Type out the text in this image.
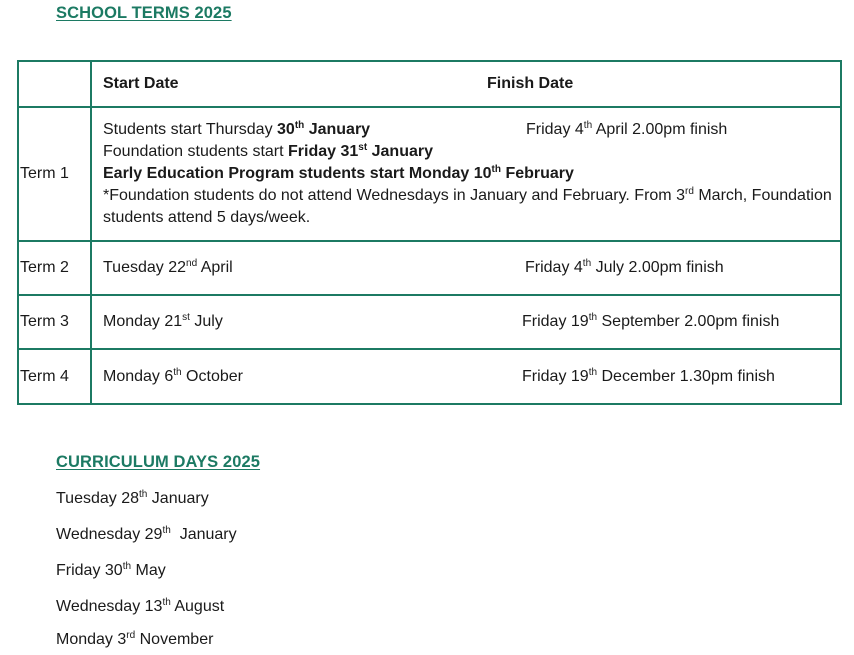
SCHOOL TERMS 2025

	Start Date Finish Date

Term 1	Students start Thursday 30th January Friday 4th April 2.00pm finish
Foundation students start Friday 31st January
Early Education Program students start Monday 10th February
*Foundation students do not attend Wednesdays in January and February. From 3rd March, Foundation students attend 5 days/week.

Term 2	Tuesday 22nd April Friday 4th July 2.00pm finish

Term 3	Monday 21st July Friday 19th September 2.00pm finish

Term 4	Monday 6th October Friday 19th December 1.30pm finish
CURRICULUM DAYS 2025
Tuesday 28th January
Wednesday 29th  January
Friday 30th May
Wednesday 13th August
Monday 3rd November
